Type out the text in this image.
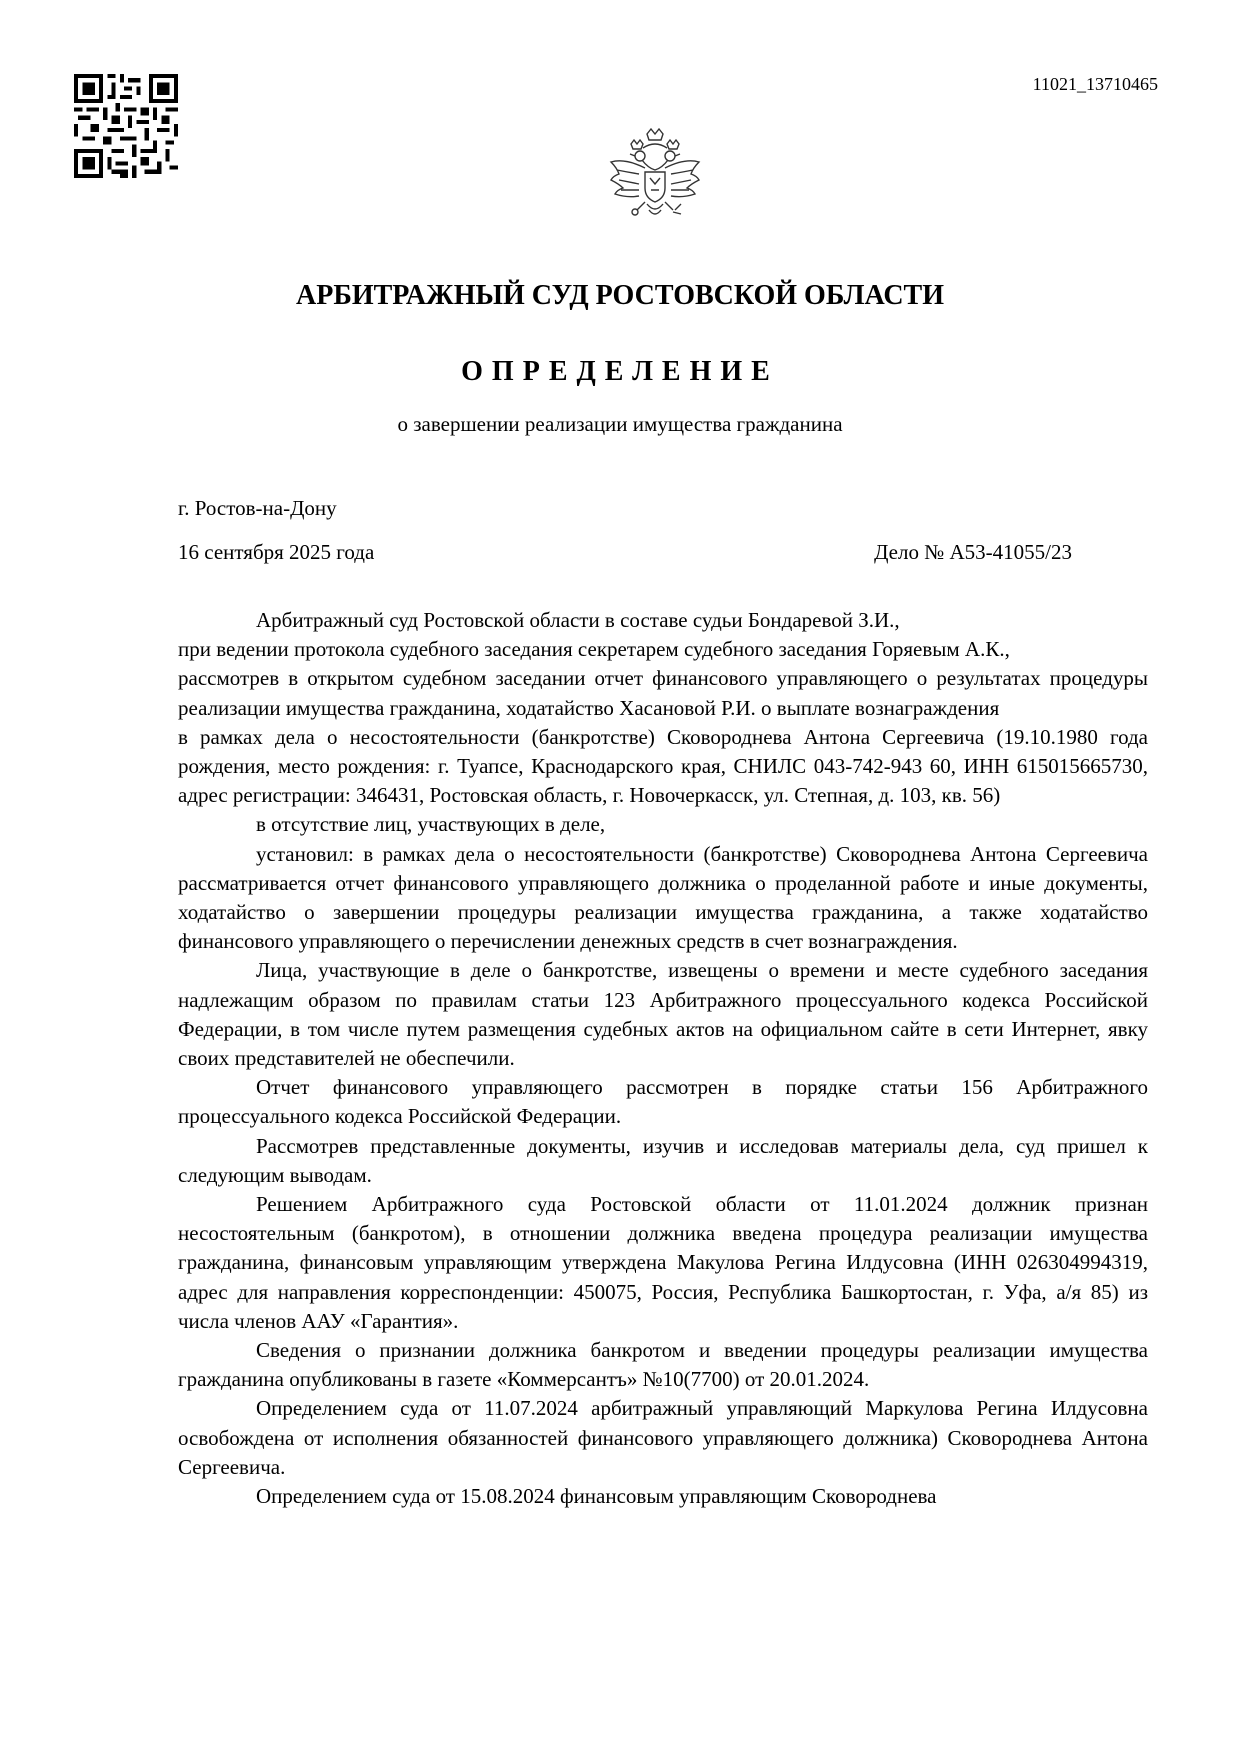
11021_13710465
АРБИТРАЖНЫЙ СУД РОСТОВСКОЙ ОБЛАСТИ
ОПРЕДЕЛЕНИЕ
о завершении реализации имущества гражданина
г. Ростов-на-Дону
16 сентября 2025 года	Дело № А53-41055/23

Арбитражный суд Ростовской области в составе судьи Бондаревой З.И.,

при ведении протокола судебного заседания секретарем судебного заседания Горяевым А.К.,

рассмотрев в открытом судебном заседании отчет финансового управляющего о результатах процедуры реализации имущества гражданина, ходатайство Хасановой Р.И. о выплате вознаграждения

в рамках дела о несостоятельности (банкротстве) Сковороднева Антона Сергеевича (19.10.1980 года рождения, место рождения: г. Туапсе, Краснодарского края, СНИЛС 043-742-943 60, ИНН 615015665730, адрес регистрации: 346431, Ростовская область, г. Новочеркасск, ул. Степная, д. 103, кв. 56)

в отсутствие лиц, участвующих в деле,

установил: в рамках дела о несостоятельности (банкротстве) Сковороднева Антона Сергеевича рассматривается отчет финансового управляющего должника о проделанной работе и иные документы, ходатайство о завершении процедуры реализации имущества гражданина, а также ходатайство финансового управляющего о перечислении денежных средств в счет вознаграждения.

Лица, участвующие в деле о банкротстве, извещены о времени и месте судебного заседания надлежащим образом по правилам статьи 123 Арбитражного процессуального кодекса Российской Федерации, в том числе путем размещения судебных актов на официальном сайте в сети Интернет, явку своих представителей не обеспечили.

Отчет финансового управляющего рассмотрен в порядке статьи 156 Арбитражного процессуального кодекса Российской Федерации.

Рассмотрев представленные документы, изучив и исследовав материалы дела, суд пришел к следующим выводам.

Решением Арбитражного суда Ростовской области от 11.01.2024 должник признан несостоятельным (банкротом), в отношении должника введена процедура реализации имущества гражданина, финансовым управляющим утверждена Макулова Регина Илдусовна (ИНН 026304994319, адрес для направления корреспонденции: 450075, Россия, Республика Башкортостан, г. Уфа, а/я 85) из числа членов ААУ «Гарантия».

Сведения о признании должника банкротом и введении процедуры реализации имущества гражданина опубликованы в газете «Коммерсантъ» №10(7700) от 20.01.2024.

Определением суда от 11.07.2024 арбитражный управляющий Маркулова Регина Илдусовна освобождена от исполнения обязанностей финансового управляющего должника) Сковороднева Антона Сергеевича.

Определением суда от 15.08.2024 финансовым управляющим Сковороднева
